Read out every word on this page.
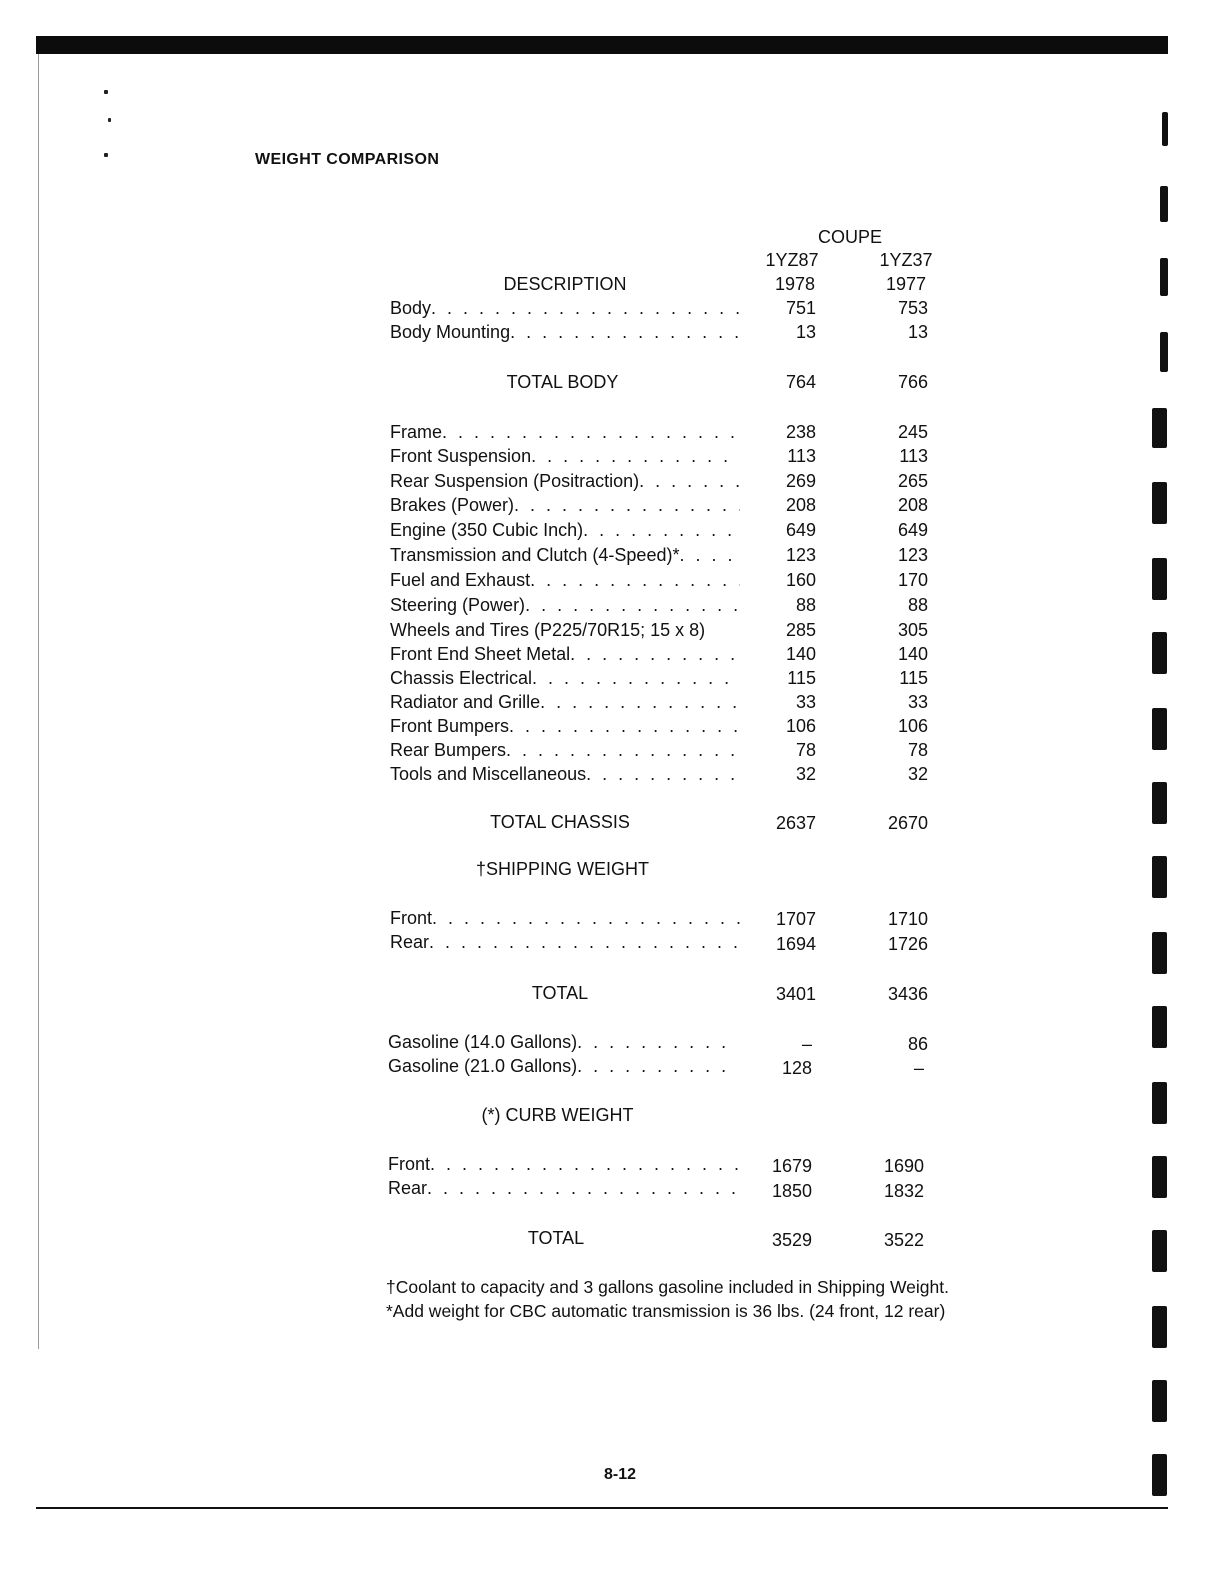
WEIGHT COMPARISON
COUPE
1YZ87	1YZ37
DESCRIPTION	1978	1977
Body . . .	751	753
Body Mounting . . .	13	13
TOTAL BODY	764	766
Frame . . .	238	245
Front Suspension . . .	113	113
Rear Suspension (Positraction) . . .	269	265
Brakes (Power) . . .	208	208
Engine (350 Cubic Inch) . . .	649	649
Transmission and Clutch (4-Speed)* . . .	123	123
Fuel and Exhaust . . .	160	170
Steering (Power) . . .	88	88
Wheels and Tires (P225/70R15; 15 x 8)	285	305
Front End Sheet Metal . . .	140	140
Chassis Electrical . . .	115	115
Radiator and Grille . . .	33	33
Front Bumpers . . .	106	106
Rear Bumpers . . .	78	78
Tools and Miscellaneous . . .	32	32
TOTAL CHASSIS	2637	2670
†SHIPPING WEIGHT
Front . . .	1707	1710
Rear . . .	1694	1726
TOTAL	3401	3436
Gasoline (14.0 Gallons) . . .	–	86
Gasoline (21.0 Gallons) . . .	128	–
(*) CURB WEIGHT
Front . . .	1679	1690
Rear . . .	1850	1832
TOTAL	3529	3522
†Coolant to capacity and 3 gallons gasoline included in Shipping Weight.
*Add weight for CBC automatic transmission is 36 lbs. (24 front, 12 rear)
8-12
